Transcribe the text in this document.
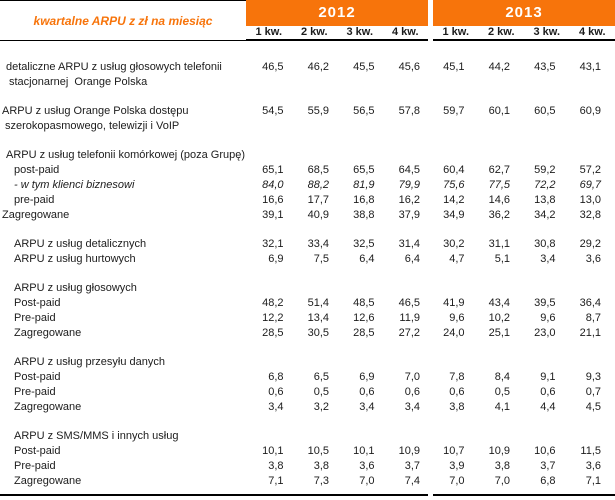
kwartalne ARPU z zł na miesiąc	2012
1 kw.	2 kw.	3 kw.	4 kw.
2013
1 kw.	2 kw.	3 kw.	4 kw.
detaliczne ARPU z usług głosowych telefonii
stacjonarnej  Orange Polska
46,5	46,2	45,5	45,6	45,1	44,2	43,5	43,1
ARPU z usług Orange Polska dostępu
szerokopasmowego, telewizji i VoIP
54,5	55,9	56,5	57,8	59,7	60,1	60,5	60,9
ARPU z usług telefonii komórkowej (poza Grupę)
post-paid	65,1	68,5	65,5	64,5	60,4	62,7	59,2	57,2
- w tym klienci biznesowi	84,0	88,2	81,9	79,9	75,6	77,5	72,2	69,7
pre-paid	16,6	17,7	16,8	16,2	14,2	14,6	13,8	13,0
Zagregowane	39,1	40,9	38,8	37,9	34,9	36,2	34,2	32,8
ARPU z usług detalicznych	32,1	33,4	32,5	31,4	30,2	31,1	30,8	29,2
ARPU z usług hurtowych	6,9	7,5	6,4	6,4	4,7	5,1	3,4	3,6
ARPU z usług głosowych
Post-paid	48,2	51,4	48,5	46,5	41,9	43,4	39,5	36,4
Pre-paid	12,2	13,4	12,6	11,9	9,6	10,2	9,6	8,7
Zagregowane	28,5	30,5	28,5	27,2	24,0	25,1	23,0	21,1
ARPU z usług przesyłu danych
Post-paid	6,8	6,5	6,9	7,0	7,8	8,4	9,1	9,3
Pre-paid	0,6	0,5	0,6	0,6	0,6	0,5	0,6	0,7
Zagregowane	3,4	3,2	3,4	3,4	3,8	4,1	4,4	4,5
ARPU z SMS/MMS i innych usług
Post-paid	10,1	10,5	10,1	10,9	10,7	10,9	10,6	11,5
Pre-paid	3,8	3,8	3,6	3,7	3,9	3,8	3,7	3,6
Zagregowane	7,1	7,3	7,0	7,4	7,0	7,0	6,8	7,1
